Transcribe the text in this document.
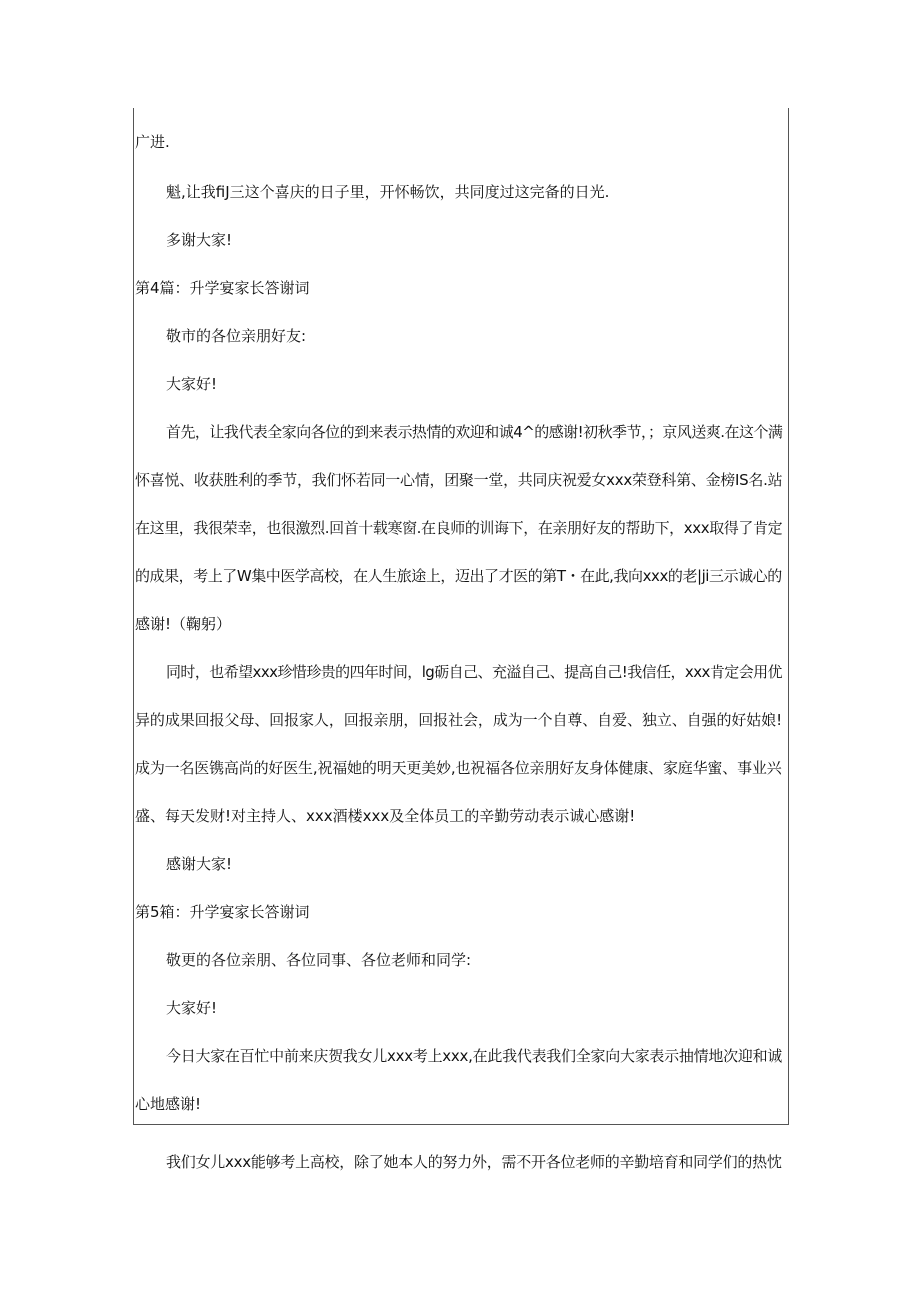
广进.
魁,让我fiJ三这个喜庆的日子里，开怀畅饮，共同度过这完备的日光.
多谢大家!
第4篇：升学宴家长答谢词
敬市的各位亲朋好友:
大家好!
首先，让我代表全家向各位的到来表示热情的欢迎和诚4^的感谢!初秋季节，；京风送爽.在这个满
怀喜悦、收获胜利的季节，我们怀若同一心情，团聚一堂，共同庆祝爱女xxx荣登科第、金榜IS名.站
在这里，我很荣幸，也很激烈.回首十载寒窗.在良师的训诲下，在亲朋好友的帮助下，xxx取得了肯定
的成果，考上了W集中医学高校，在人生旅途上，迈出了才医的第T・在此,我向xxx的老|ji三示诚心的
感谢!（鞠躬）
同时，也希望xxx珍惜珍贵的四年时间，lg砺自己、充溢自己、提高自己!我信任，xxx肯定会用优
异的成果回报父母、回报家人，回报亲朋，回报社会，成为一个自尊、自爱、独立、自强的好姑娘!
成为一名医镌高尚的好医生,祝福她的明天更美妙,也祝福各位亲朋好友身体健康、家庭华蜜、事业兴
盛、每天发财!对主持人、xxx酒楼xxx及全体员工的辛勤劳动表示诚心感谢!
感谢大家!
第5箱：升学宴家长答谢词
敬更的各位亲朋、各位同事、各位老师和同学:
大家好!
今日大家在百忙中前来庆贺我女儿xxx考上xxx,在此我代表我们全家向大家表示抽情地次迎和诚
心地感谢!
我们女儿xxx能够考上高校，除了她本人的努力外，需不开各位老师的辛勤培育和同学们的热忱
